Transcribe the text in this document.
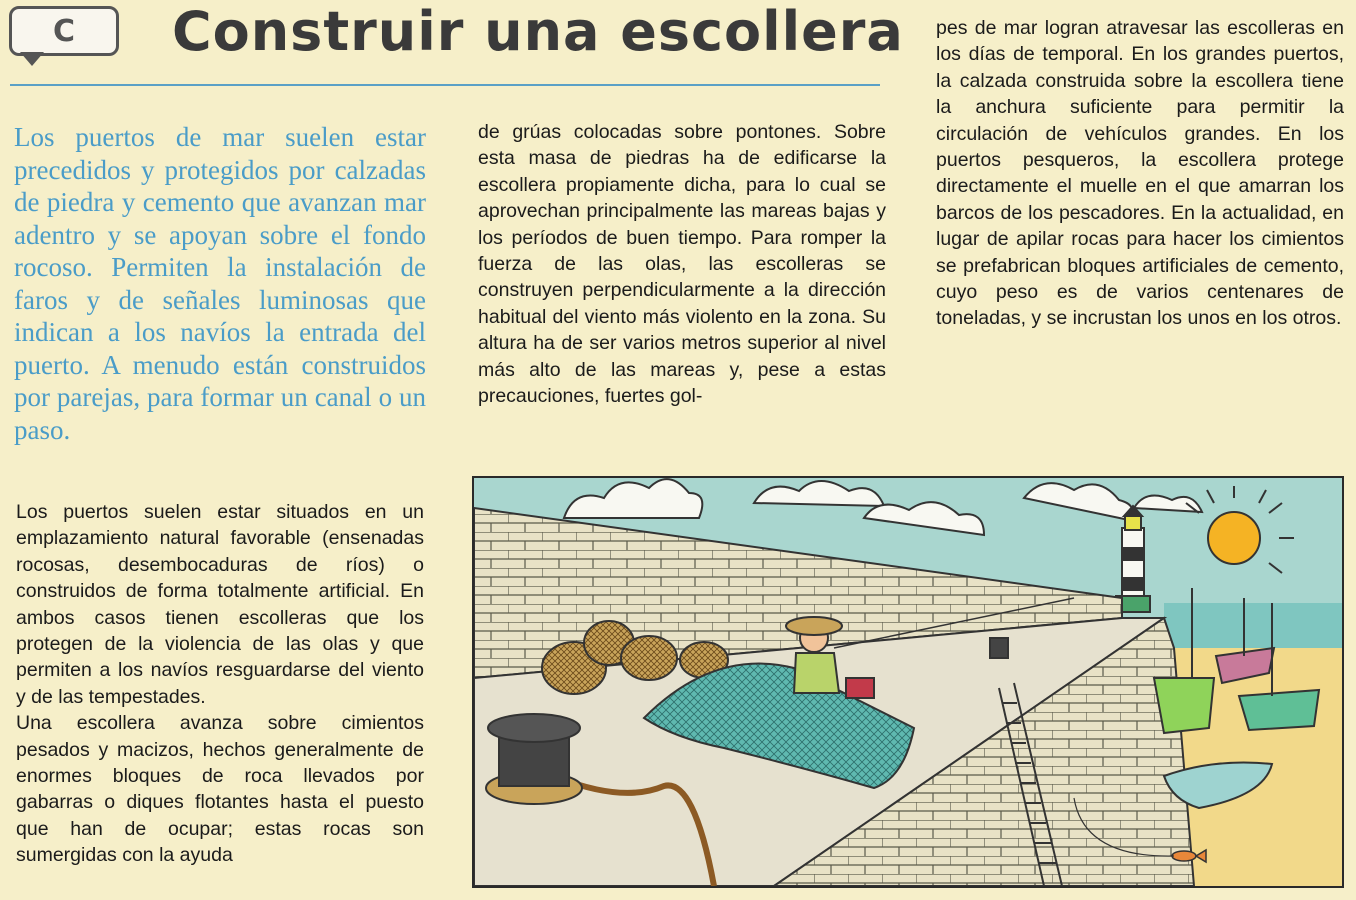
C Construir una escollera
Los puertos de mar suelen estar precedidos y protegidos por calzadas de piedra y cemento que avanzan mar adentro y se apoyan sobre el fondo rocoso. Permiten la instalación de faros y de señales luminosas que indican a los navíos la entrada del puerto. A menudo están construidos por parejas, para formar un canal o un paso.

Los puertos suelen estar situados en un emplazamiento natural favorable (ensenadas rocosas, desembocaduras de ríos) o construidos de forma totalmente artificial. En ambos casos tienen escolleras que los protegen de la violencia de las olas y que permiten a los navíos resguardarse del viento y de las tempestades.

Una escollera avanza sobre cimientos pesados y macizos, hechos generalmente de enormes bloques de roca llevados por gabarras o diques flotantes hasta el puesto que han de ocupar; estas rocas son sumergidas con la ayuda

de grúas colocadas sobre pontones. Sobre esta masa de piedras ha de edificarse la escollera propiamente dicha, para lo cual se aprovechan principalmente las mareas bajas y los períodos de buen tiempo. Para romper la fuerza de las olas, las escolleras se construyen perpendicularmente a la dirección habitual del viento más violento en la zona. Su altura ha de ser varios metros superior al nivel más alto de las mareas y, pese a estas precauciones, fuertes gol-

pes de mar logran atravesar las escolleras en los días de temporal. En los grandes puertos, la calzada construida sobre la escollera tiene la anchura suficiente para permitir la circulación de vehículos grandes. En los puertos pesqueros, la escollera protege directamente el muelle en el que amarran los barcos de los pescadores. En la actualidad, en lugar de apilar rocas para hacer los cimientos se prefabrican bloques artificiales de cemento, cuyo peso es de varios centenares de toneladas, y se incrustan los unos en los otros.
